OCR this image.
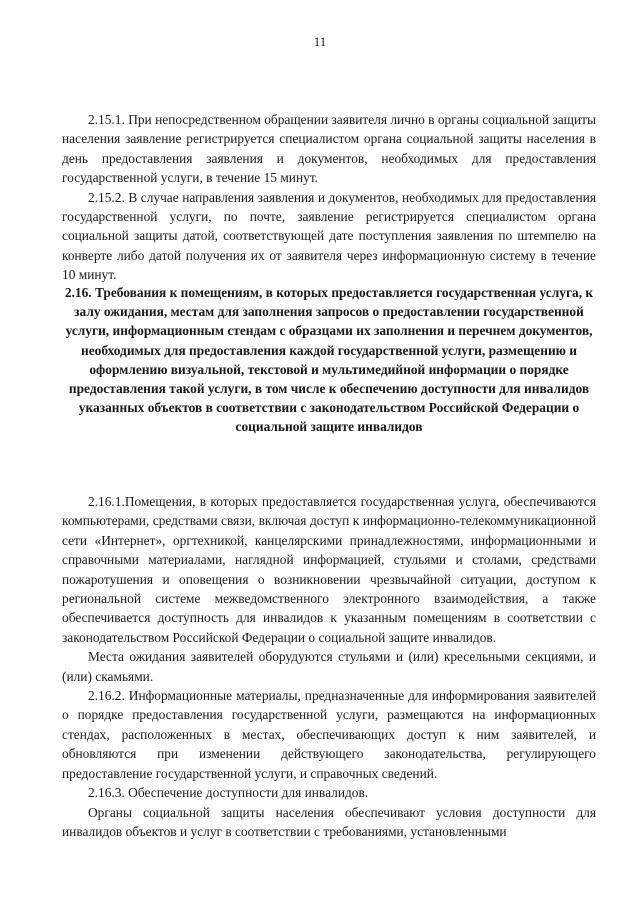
11

2.15.1. При непосредственном обращении заявителя лично в органы социальной защиты населения заявление регистрируется специалистом органа социальной защиты населения в день предоставления заявления и документов, необходимых для предоставления государственной услуги, в течение 15 минут.

2.15.2. В случае направления заявления и документов, необходимых для предоставления государственной услуги, по почте, заявление регистрируется специалистом органа социальной защиты датой, соответствующей дате поступления заявления по штемпелю на конверте либо датой получения их от заявителя через информационную систему в течение 10 минут.

2.16. Требования к помещениям, в которых предоставляется государственная услуга, к залу ожидания, местам для заполнения запросов о предоставлении государственной услуги, информационным стендам с образцами их заполнения и перечнем документов, необходимых для предоставления каждой государственной услуги, размещению и оформлению визуальной, текстовой и мультимедийной информации о порядке предоставления такой услуги, в том числе к обеспечению доступности для инвалидов указанных объектов в соответствии с законодательством Российской Федерации о социальной защите инвалидов

2.16.1.Помещения, в которых предоставляется государственная услуга, обеспечиваются компьютерами, средствами связи, включая доступ к информационно-телекоммуникационной сети «Интернет», оргтехникой, канцелярскими принадлежностями, информационными и справочными материалами, наглядной информацией, стульями и столами, средствами пожаротушения и оповещения о возникновении чрезвычайной ситуации, доступом к региональной системе межведомственного электронного взаимодействия, а также обеспечивается доступность для инвалидов к указанным помещениям в соответствии с законодательством Российской Федерации о социальной защите инвалидов.

Места ожидания заявителей оборудуются стульями и (или) кресельными секциями, и (или) скамьями.

2.16.2. Информационные материалы, предназначенные для информирования заявителей о порядке предоставления государственной услуги, размещаются на информационных стендах, расположенных в местах, обеспечивающих доступ к ним заявителей, и обновляются при изменении действующего законодательства, регулирующего предоставление государственной услуги, и справочных сведений.

2.16.3. Обеспечение доступности для инвалидов.

Органы социальной защиты населения обеспечивают условия доступности для инвалидов объектов и услуг в соответствии с требованиями, установленными
